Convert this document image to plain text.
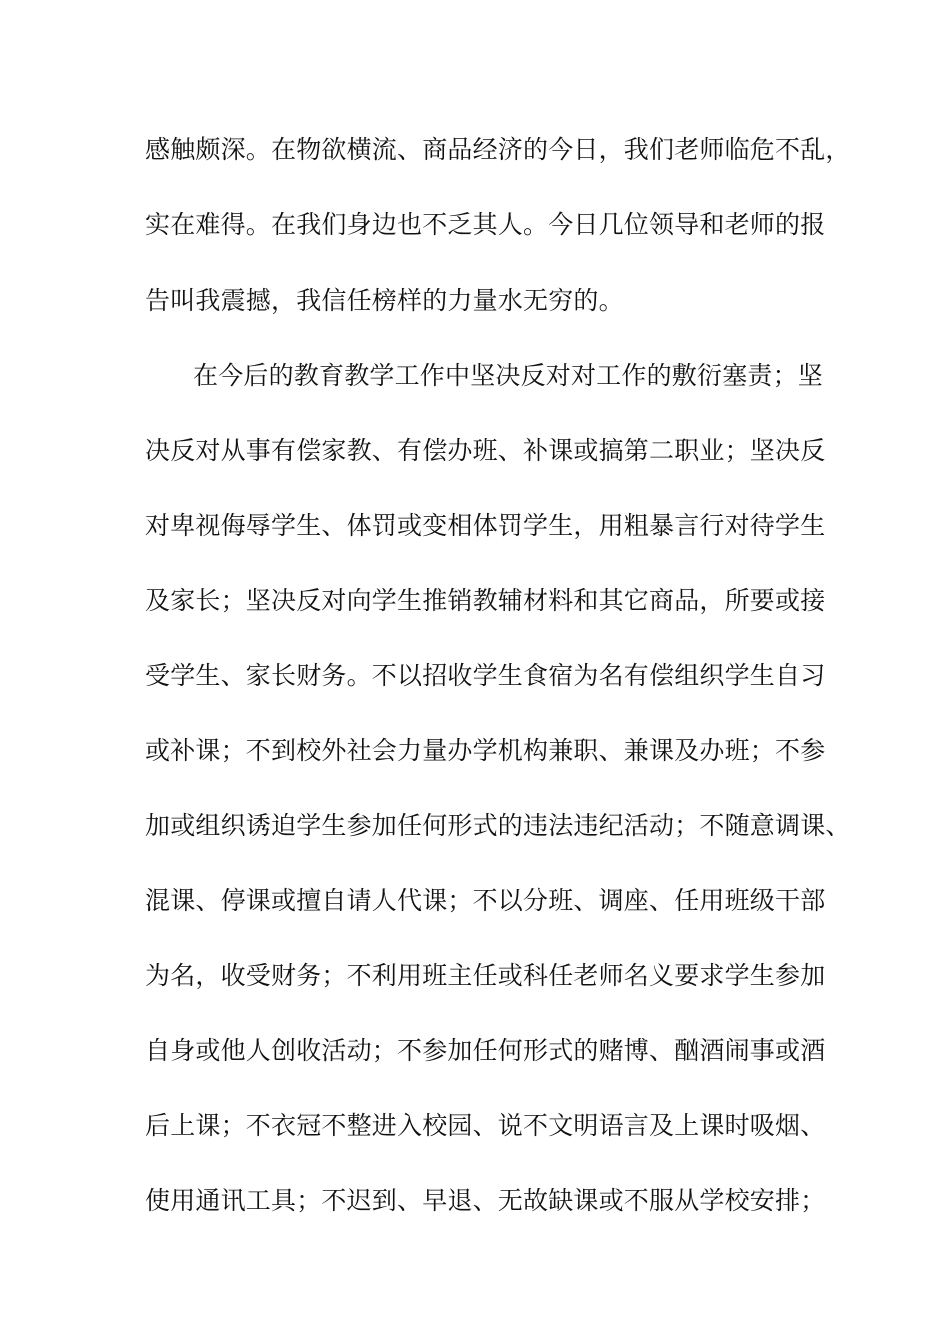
感触颇深。在物欲横流、商品经济的今日，我们老师临危不乱，
实在难得。在我们身边也不乏其人。今日几位领导和老师的报
告叫我震撼，我信任榜样的力量水无穷的。
在今后的教育教学工作中坚决反对对工作的敷衍塞责；坚
决反对从事有偿家教、有偿办班、补课或搞第二职业；坚决反
对卑视侮辱学生、体罚或变相体罚学生，用粗暴言行对待学生
及家长；坚决反对向学生推销教辅材料和其它商品，所要或接
受学生、家长财务。不以招收学生食宿为名有偿组织学生自习
或补课；不到校外社会力量办学机构兼职、兼课及办班；不参
加或组织诱迫学生参加任何形式的违法违纪活动；不随意调课、
混课、停课或擅自请人代课；不以分班、调座、任用班级干部
为名，收受财务；不利用班主任或科任老师名义要求学生参加
自身或他人创收活动；不参加任何形式的赌博、酗酒闹事或酒
后上课；不衣冠不整进入校园、说不文明语言及上课时吸烟、
使用通讯工具；不迟到、早退、无故缺课或不服从学校安排；
